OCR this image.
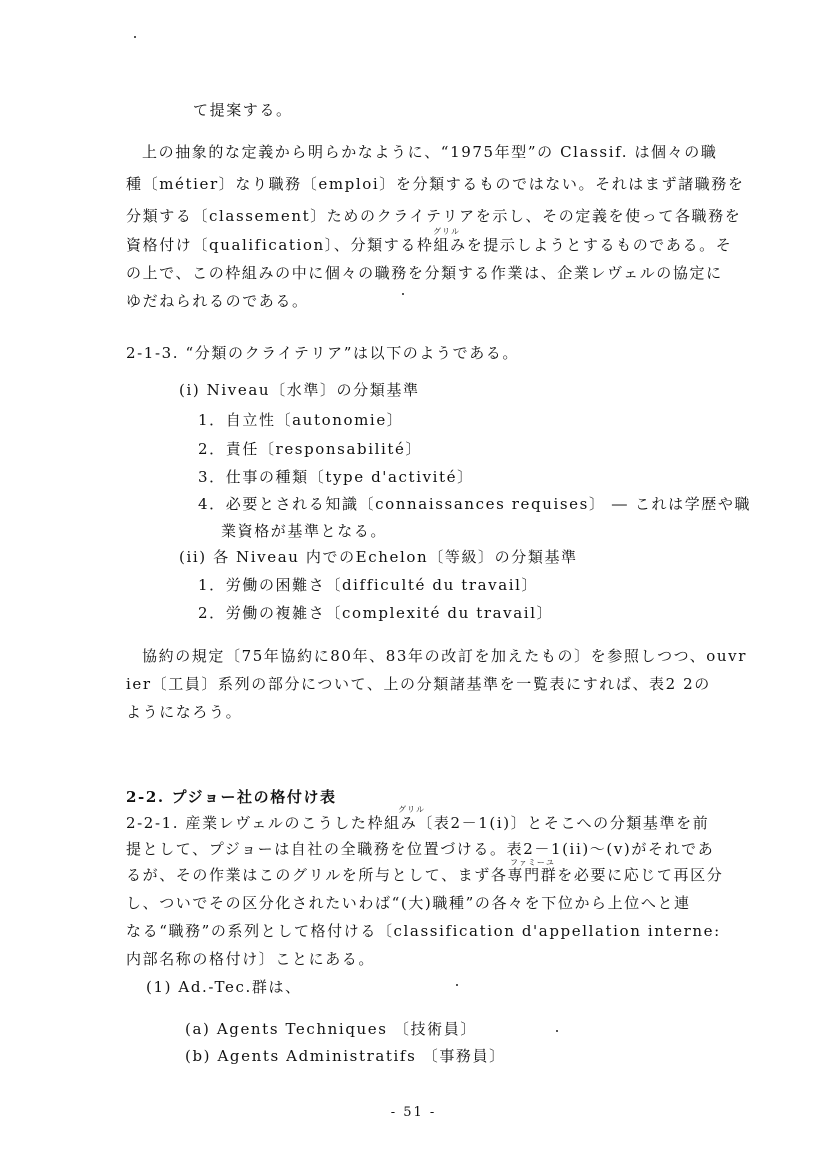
て提案する。
上の抽象的な定義から明らかなように、“1975年型”の Classif. は個々の職
種〔métier〕なり職務〔emploi〕を分類するものではない。それはまず諸職務を
分類する〔classement〕ためのクライテリアを示し、その定義を使って各職務を
グリル
資格付け〔qualification〕、分類する枠組みを提示しようとするものである。そ
の上で、この枠組みの中に個々の職務を分類する作業は、企業レヴェルの協定に
ゆだねられるのである。
2-1-3. “分類のクライテリア”は以下のようである。
(i) Niveau〔水準〕の分類基準
1．自立性〔autonomie〕
2．責任〔responsabilité〕
3．仕事の種類〔type d'activité〕
4．必要とされる知識〔connaissances requises〕 ― これは学歴や職
業資格が基準となる。
(ii) 各 Niveau 内でのEchelon〔等級〕の分類基準
1．労働の困難さ〔difficulté du travail〕
2．労働の複雑さ〔complexité du travail〕
協約の規定〔75年協約に80年、83年の改訂を加えたもの〕を参照しつつ、ouvr
ier〔工員〕系列の部分について、上の分類諸基準を一覧表にすれば、表2 2の
ようになろう。
2-2. プジョー社の格付け表
グリル
2-2-1. 産業レヴェルのこうした枠組み〔表2－1(i)〕とそこへの分類基準を前
提として、プジョーは自社の全職務を位置づける。表2－1(ii)～(v)がそれであ
ファミーユ
るが、その作業はこのグリルを所与として、まず各専門群を必要に応じて再区分
し、ついでその区分化されたいわば“(大)職種”の各々を下位から上位へと連
なる“職務”の系列として格付ける〔classification d'appellation interne:
内部名称の格付け〕ことにある。
(1) Ad.-Tec.群は、
(a) Agents Techniques 〔技術員〕
(b) Agents Administratifs 〔事務員〕
- 51 -
